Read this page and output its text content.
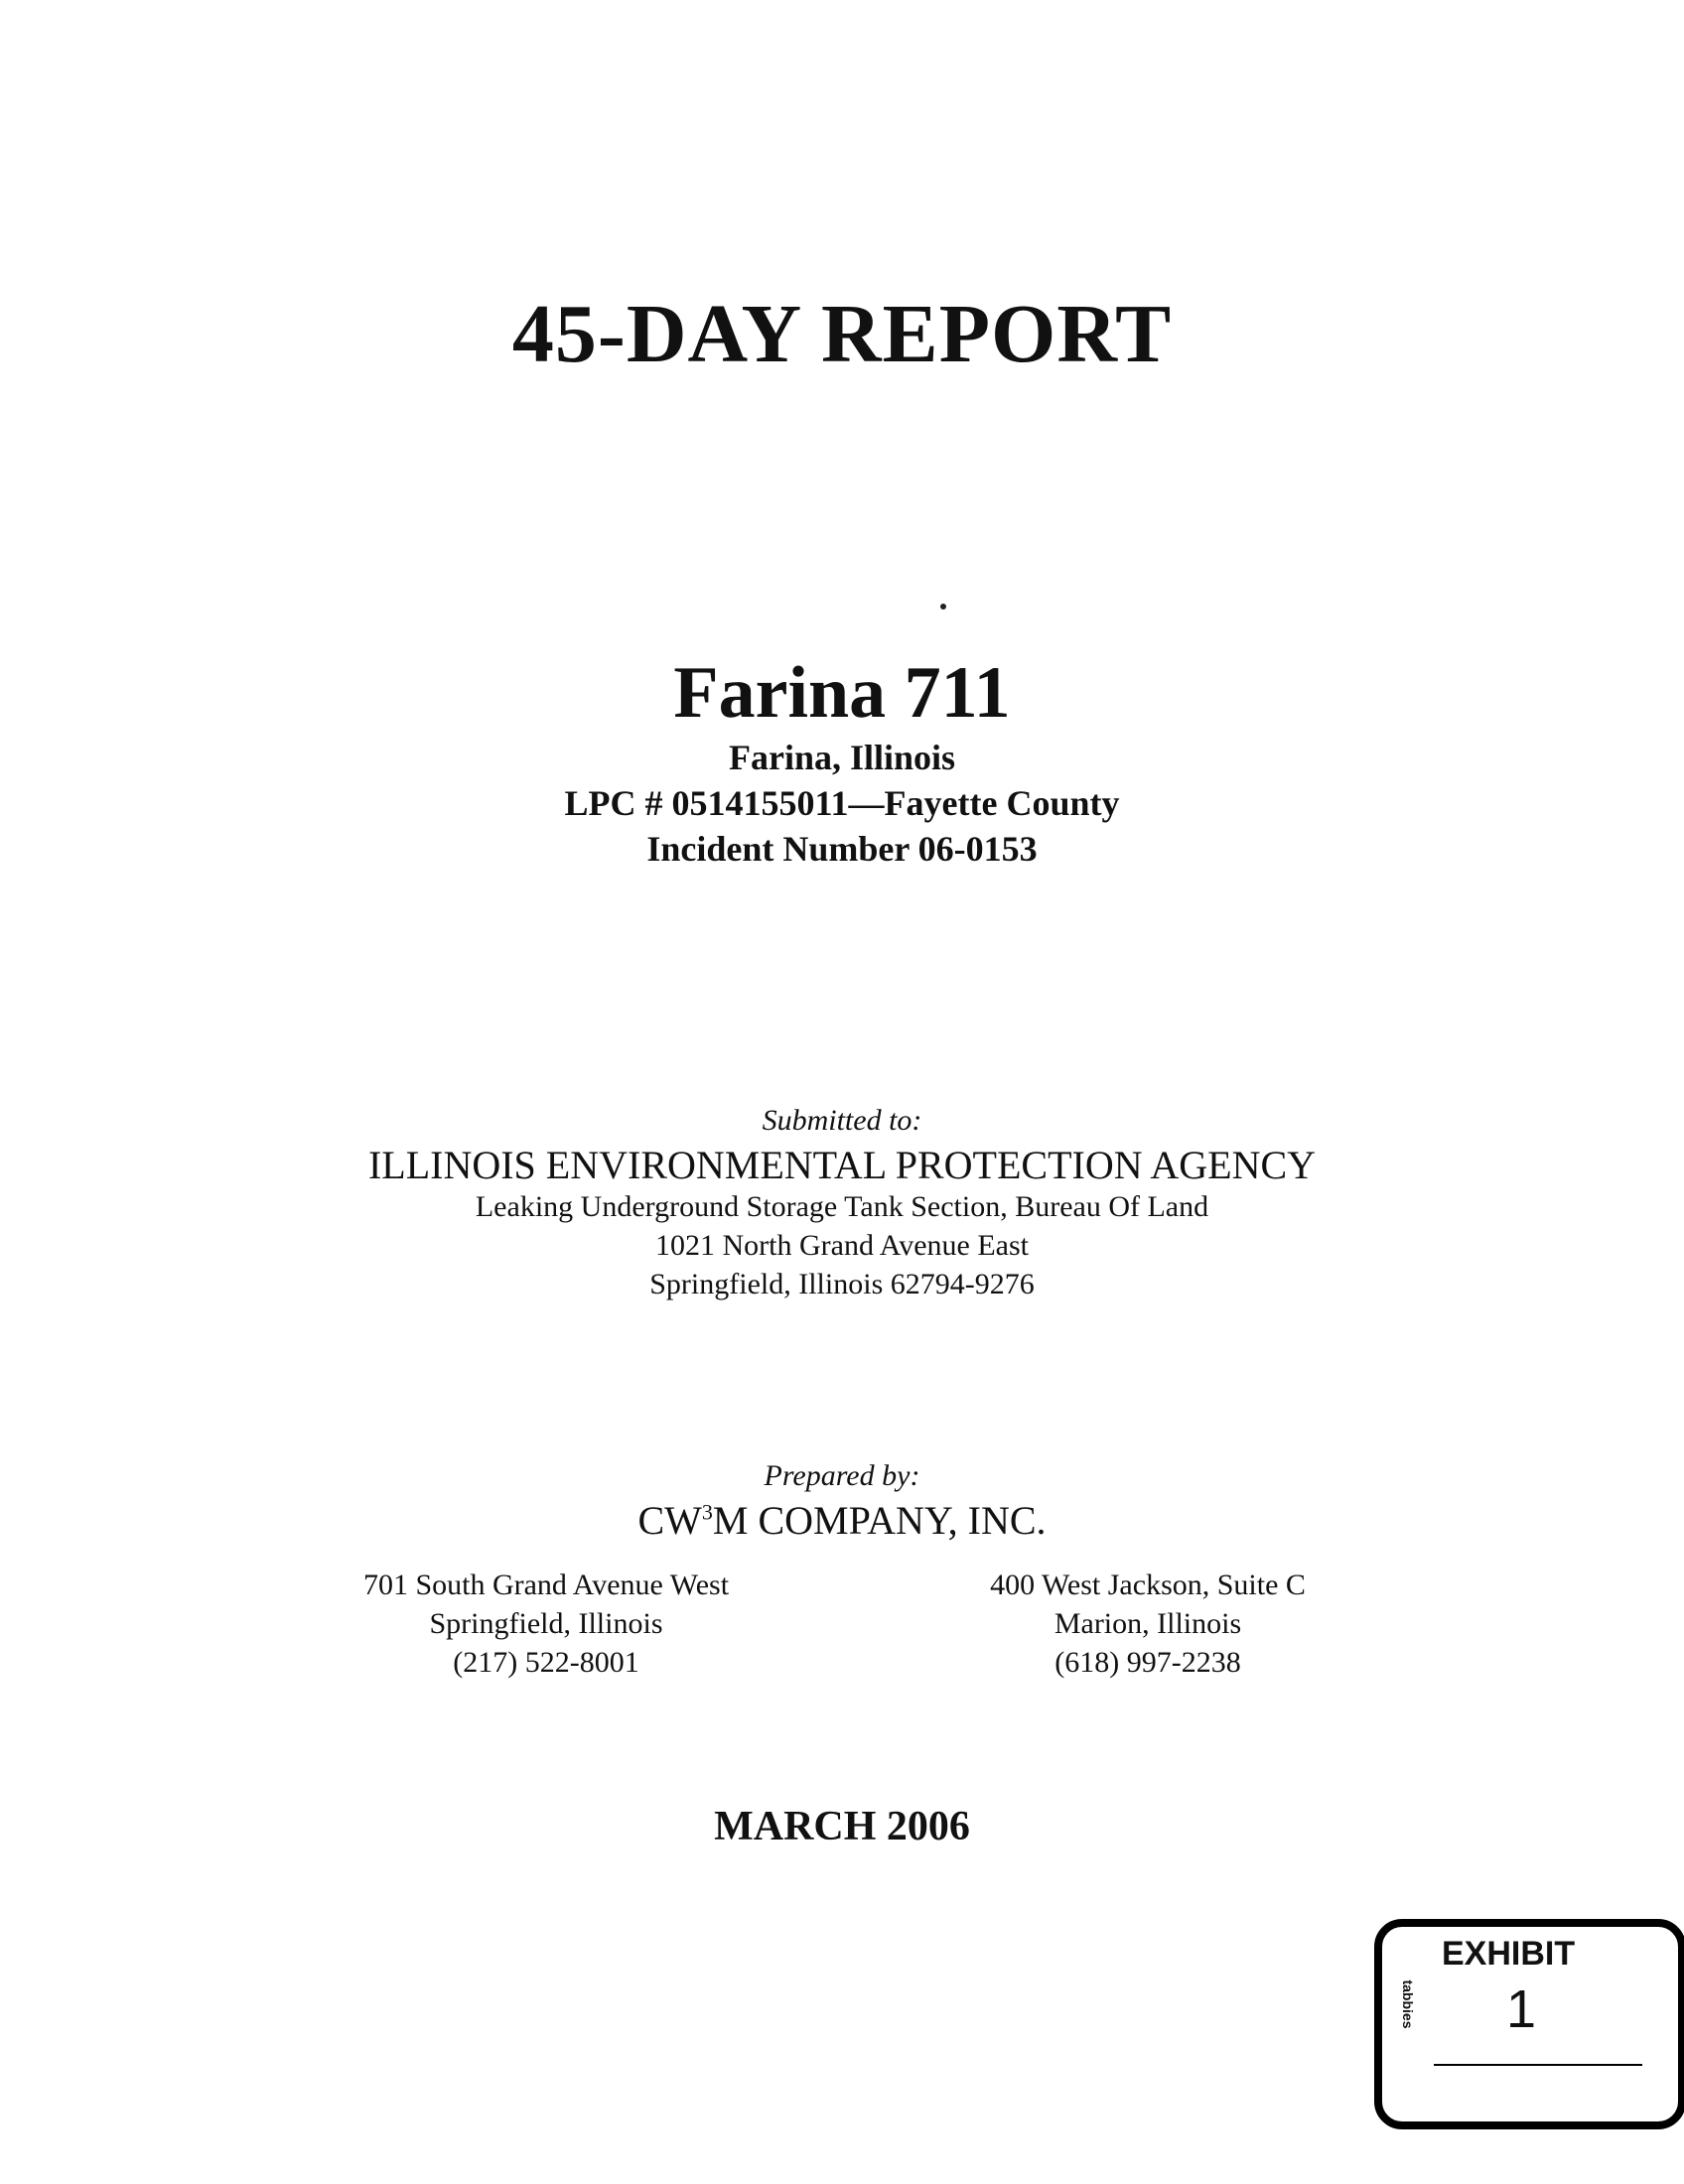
45-DAY REPORT
Farina 711
Farina, Illinois
LPC # 0514155011—Fayette County
Incident Number 06-0153
Submitted to:
ILLINOIS ENVIRONMENTAL PROTECTION AGENCY
Leaking Underground Storage Tank Section, Bureau Of Land
1021 North Grand Avenue East
Springfield, Illinois 62794-9276
Prepared by:
$CW^3M$ COMPANY, INC.
701 South Grand Avenue West
Springfield, Illinois
(217) 522-8001
400 West Jackson, Suite C
Marion, Illinois
(618) 997-2238
MARCH 2006
EXHIBIT
tabbies	1
